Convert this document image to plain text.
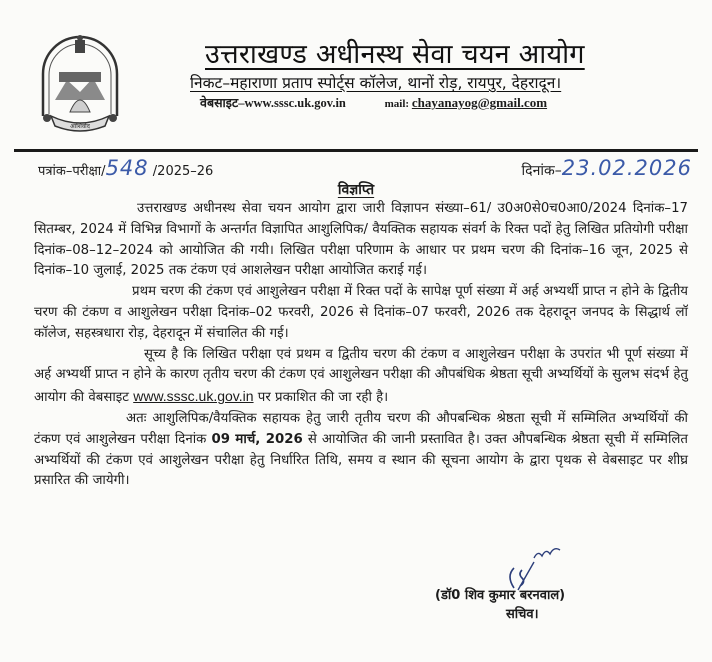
आशिर्वाद
उत्तराखण्ड अधीनस्थ सेवा चयन आयोग
निकट–महाराणा प्रताप स्पोर्ट्स कॉलेज, थानों रोड़, रायपुर, देहरादून।
वेबसाइट–www.sssc.uk.gov.in	mail: chayanayog@gmail.com
पत्रांक–परीक्षा/548 /2025–26	दिनांक–23.02.2026
विज्ञप्ति

उत्तराखण्ड अधीनस्थ सेवा चयन आयोग द्वारा जारी विज्ञापन संख्या–61/ उ0अ0से0च0आ0/2024 दिनांक–17 सितम्बर, 2024 में विभिन्न विभागों के अन्तर्गत विज्ञापित आशुलिपिक/ वैयक्तिक सहायक संवर्ग के रिक्त पदों हेतु लिखित प्रतियोगी परीक्षा दिनांक–08–12–2024 को आयोजित की गयी। लिखित परीक्षा परिणाम के आधार पर प्रथम चरण की दिनांक–16 जून, 2025 से दिनांक–10 जुलाई, 2025 तक टंकण एवं आशलेखन परीक्षा आयोजित कराई गई।

प्रथम चरण की टंकण एवं आशुलेखन परीक्षा में रिक्त पदों के सापेक्ष पूर्ण संख्या में अर्ह अभ्यर्थी प्राप्त न होने के द्वितीय चरण की टंकण व आशुलेखन परीक्षा दिनांक–02 फरवरी, 2026 से दिनांक–07 फरवरी, 2026 तक देहरादून जनपद के सिद्धार्थ लॉ कॉलेज, सहस्त्रधारा रोड़, देहरादून में संचालित की गई।

सूच्य है कि लिखित परीक्षा एवं प्रथम व द्वितीय चरण की टंकण व आशुलेखन परीक्षा के उपरांत भी पूर्ण संख्या में अर्ह अभ्यर्थी प्राप्त न होने के कारण तृतीय चरण की टंकण एवं आशुलेखन परीक्षा की औपबंधिक श्रेष्ठता सूची अभ्यर्थियों के सुलभ संदर्भ हेतु आयोग की वेबसाइट www.sssc.uk.gov.in पर प्रकाशित की जा रही है।

अतः आशुलिपिक/वैयक्तिक सहायक हेतु जारी तृतीय चरण की औपबन्धिक श्रेष्ठता सूची में सम्मिलित अभ्यर्थियों की टंकण एवं आशुलेखन परीक्षा दिनांक 09 मार्च, 2026 से आयोजित की जानी प्रस्तावित है। उक्त औपबन्धिक श्रेष्ठता सूची में सम्मिलित अभ्यर्थियों की टंकण एवं आशुलेखन परीक्षा हेतु निर्धारित तिथि, समय व स्थान की सूचना आयोग के द्वारा पृथक से वेबसाइट पर शीघ्र प्रसारित की जायेगी।

(डॉ0 शिव कुमार बरनवाल)
सचिव।
